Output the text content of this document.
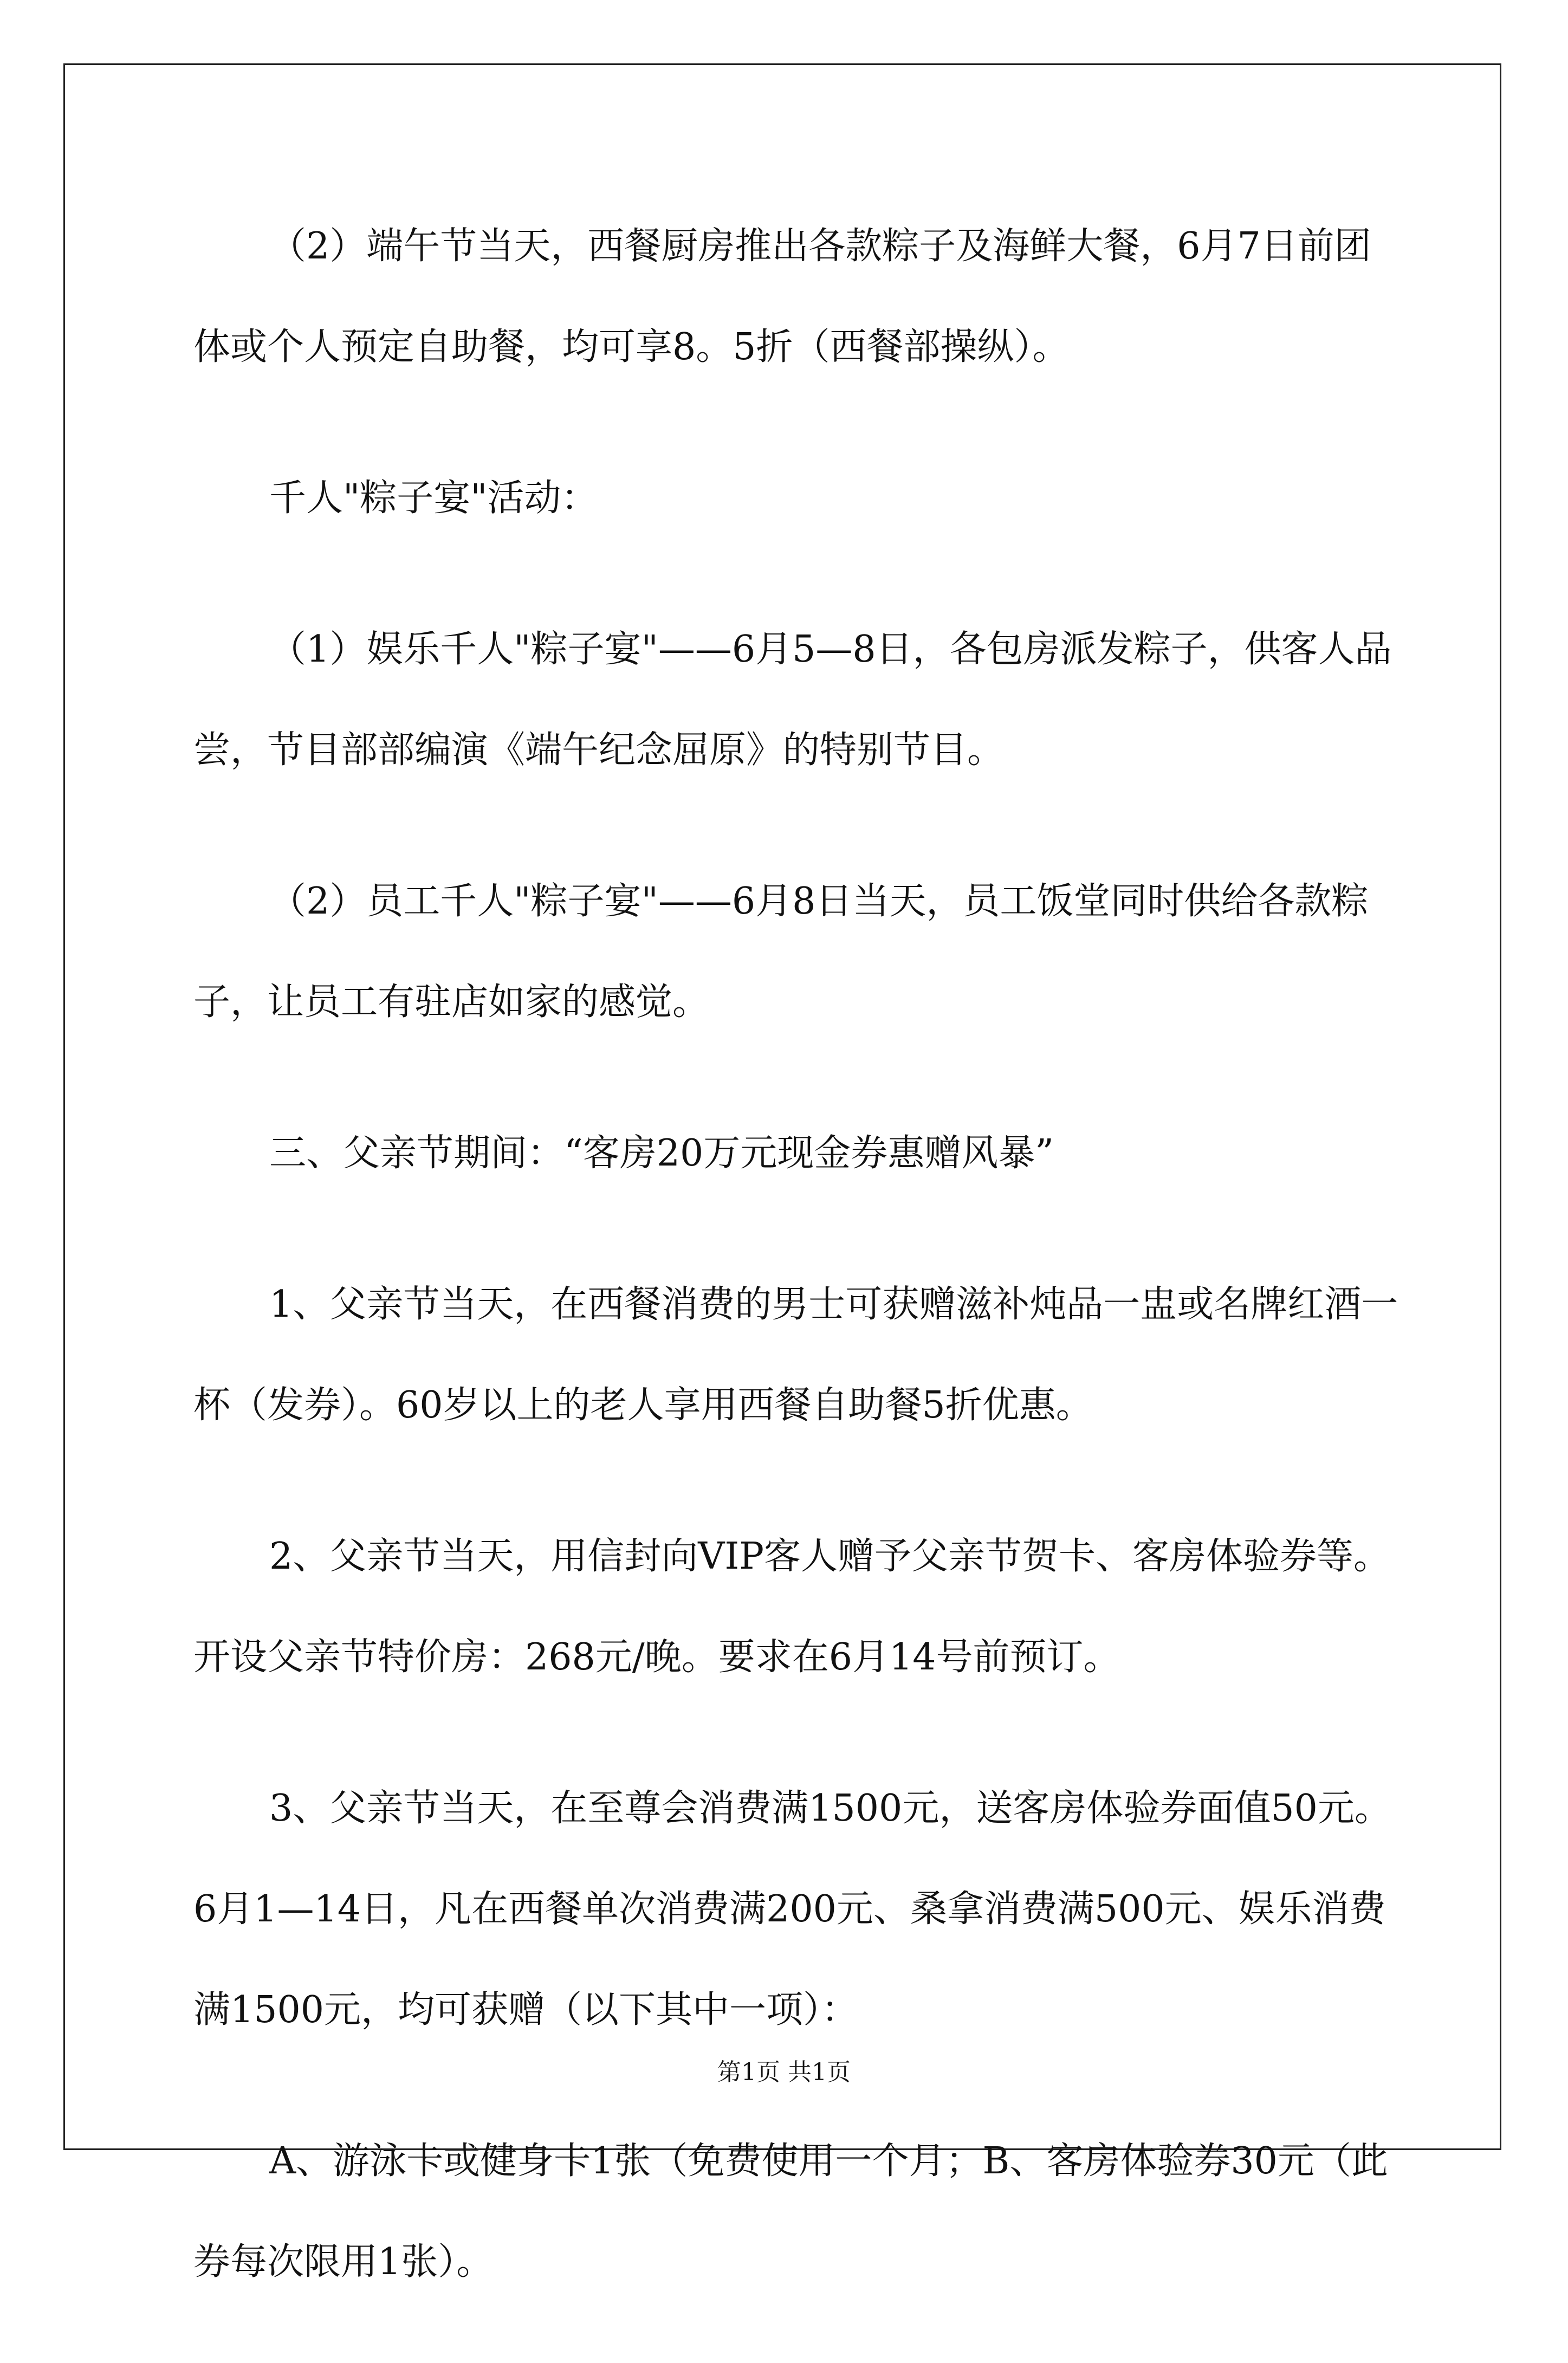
（2）端午节当天，西餐厨房推出各款粽子及海鲜大餐，6月7日前团体或个人预定自助餐，均可享8。5折（西餐部操纵）。

千人"粽子宴"活动：

（1）娱乐千人"粽子宴"——6月5—8日，各包房派发粽子，供客人品尝，节目部部编演《端午纪念屈原》的特别节目。

（2）员工千人"粽子宴"——6月8日当天，员工饭堂同时供给各款粽子，让员工有驻店如家的感觉。

三、父亲节期间：“客房20万元现金券惠赠风暴”

1、父亲节当天，在西餐消费的男士可获赠滋补炖品一盅或名牌红酒一杯（发券）。60岁以上的老人享用西餐自助餐5折优惠。

2、父亲节当天，用信封向VIP客人赠予父亲节贺卡、客房体验券等。开设父亲节特价房：268元/晚。要求在6月14号前预订。

3、父亲节当天，在至尊会消费满1500元，送客房体验券面值50元。6月1—14日，凡在西餐单次消费满200元、桑拿消费满500元、娱乐消费满1500元，均可获赠（以下其中一项）：

A、游泳卡或健身卡1张（免费使用一个月；B、客房体验券30元（此券每次限用1张）。

第1页 共1页
